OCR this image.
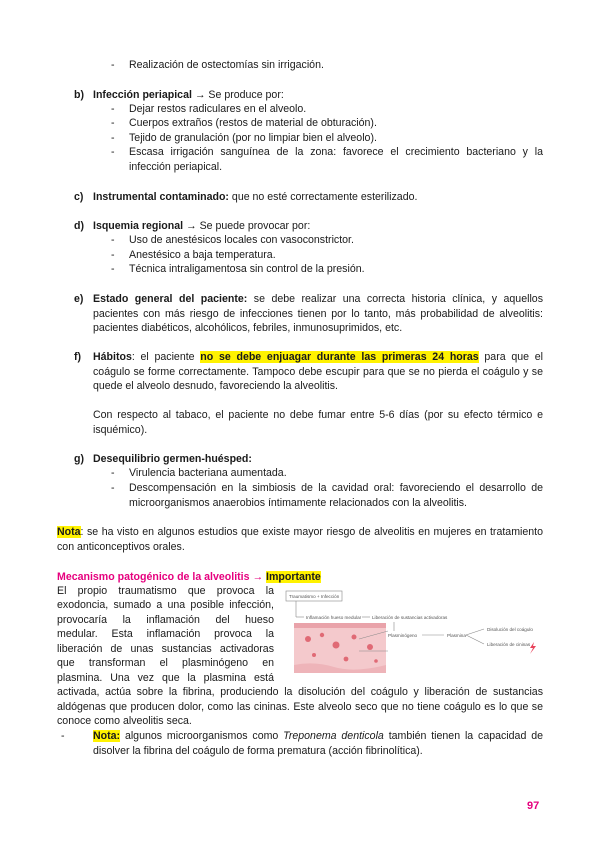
- Realización de ostectomías sin irrigación.
b) Infección periapical → Se produce por:
- Dejar restos radiculares en el alveolo.
- Cuerpos extraños (restos de material de obturación).
- Tejido de granulación (por no limpiar bien el alveolo).
- Escasa irrigación sanguínea de la zona: favorece el crecimiento bacteriano y la infección periapical.
c) Instrumental contaminado: que no esté correctamente esterilizado.
d) Isquemia regional → Se puede provocar por:
- Uso de anestésicos locales con vasoconstrictor.
- Anestésico a baja temperatura.
- Técnica intraligamentosa sin control de la presión.
e) Estado general del paciente: se debe realizar una correcta historia clínica, y aquellos pacientes con más riesgo de infecciones tienen por lo tanto, más probabilidad de alveolitis: pacientes diabéticos, alcohólicos, febriles, inmunosuprimidos, etc.
f) Hábitos: el paciente no se debe enjuagar durante las primeras 24 horas para que el coágulo se forme correctamente. Tampoco debe escupir para que se no pierda el coágulo y se quede el alveolo desnudo, favoreciendo la alveolitis.
Con respecto al tabaco, el paciente no debe fumar entre 5-6 días (por su efecto térmico e isquémico).
g) Desequilibrio germen-huésped:
- Virulencia bacteriana aumentada.
- Descompensación en la simbiosis de la cavidad oral: favoreciendo el desarrollo de microorganismos anaerobios íntimamente relacionados con la alveolitis.
Nota: se ha visto en algunos estudios que existe mayor riesgo de alveolitis en mujeres en tratamiento con anticonceptivos orales.
Mecanismo patogénico de la alveolitis → Importante
El propio traumatismo que provoca la
exodoncia, sumado a una posible infección,
provocaría la inflamación del hueso
medular. Esta inflamación provoca la
liberación de unas sustancias activadoras
que transforman el plasminógeno en
plasmina. Una vez que la plasmina está
activada, actúa sobre la fibrina, produciendo la disolución del coágulo y liberación de sustancias aldógenas que producen dolor, como las cininas. Este alveolo seco que no tiene coágulo es lo que se conoce como alveolitis seca.
-	Nota: algunos microorganismos como Treponema denticola también tienen la capacidad de disolver la fibrina del coágulo de forma prematura (acción fibrinolítica).
Traumatismo + Infección
Inflamación hueso medular Liberación de sustancias activadoras
Plasminógeno	Plasmina
Disolución del coágulo
Liberación de cininas
97
